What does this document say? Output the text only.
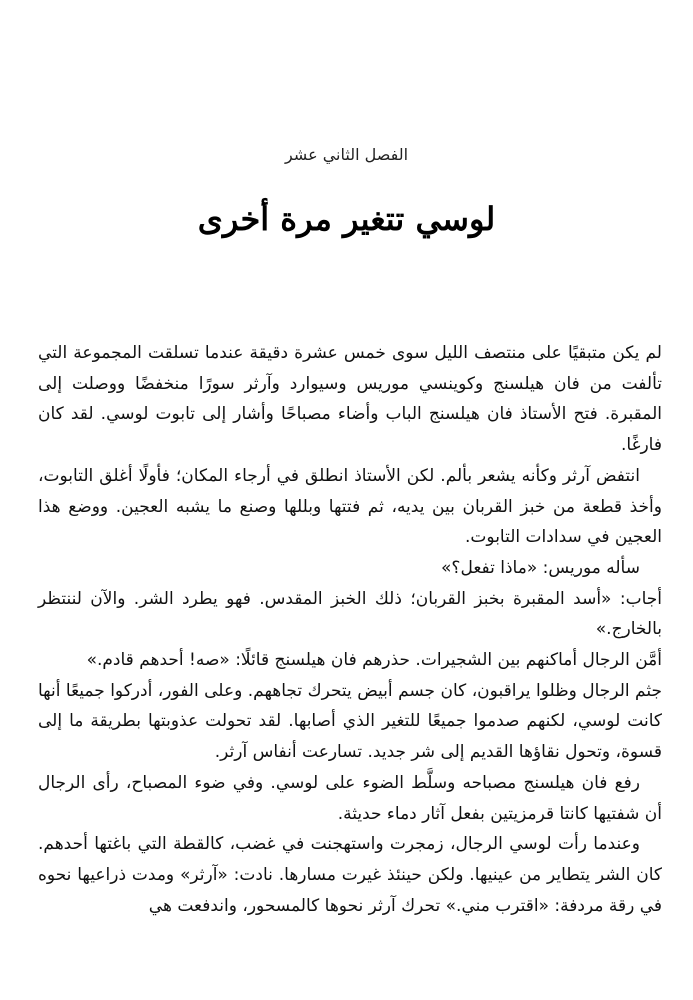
الفصل الثاني عشر
لوسي تتغير مرة أخرى

لم يكن متبقيًا على منتصف الليل سوى خمس عشرة دقيقة عندما تسلقت المجموعة التي تألفت من فان هيلسنج وكوينسي موريس وسيوارد وآرثر سورًا منخفضًا ووصلت إلى المقبرة. فتح الأستاذ فان هيلسنج الباب وأضاء مصباحًا وأشار إلى تابوت لوسي. لقد كان فارغًا.

انتفض آرثر وكأنه يشعر بألم. لكن الأستاذ انطلق في أرجاء المكان؛ فأولًا أغلق التابوت، وأخذ قطعة من خبز القربان بين يديه، ثم فتتها وبللها وصنع ما يشبه العجين. ووضع هذا العجين في سدادات التابوت.

سأله موريس: «ماذا تفعل؟»

أجاب: «أسد المقبرة بخبز القربان؛ ذلك الخبز المقدس. فهو يطرد الشر. والآن لننتظر بالخارج.»

أمَّن الرجال أماكنهم بين الشجيرات. حذرهم فان هيلسنج قائلًا: «صه! أحدهم قادم.»

جثم الرجال وظلوا يراقبون، كان جسم أبيض يتحرك تجاههم. وعلى الفور، أدركوا جميعًا أنها كانت لوسي، لكنهم صدموا جميعًا للتغير الذي أصابها. لقد تحولت عذوبتها بطريقة ما إلى قسوة، وتحول نقاؤها القديم إلى شر جديد. تسارعت أنفاس آرثر.

رفع فان هيلسنج مصباحه وسلَّط الضوء على لوسي. وفي ضوء المصباح، رأى الرجال أن شفتيها كانتا قرمزيتين بفعل آثار دماء حديثة.

وعندما رأت لوسي الرجال، زمجرت واستهجنت في غضب، كالقطة التي باغتها أحدهم. كان الشر يتطاير من عينيها. ولكن حينئذ غيرت مسارها. نادت: «آرثر» ومدت ذراعيها نحوه في رقة مردفة: «اقترب مني.» تحرك آرثر نحوها كالمسحور، واندفعت هي
